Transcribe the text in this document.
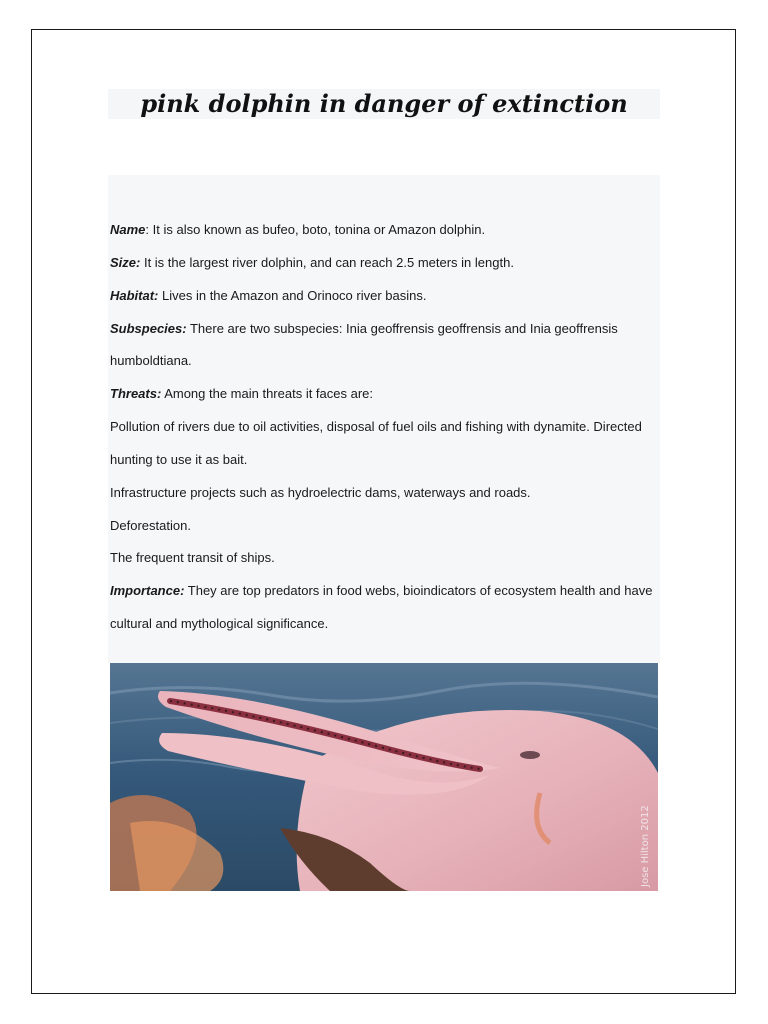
pink dolphin in danger of extinction
Name: It is also known as bufeo, boto, tonina or Amazon dolphin.
Size: It is the largest river dolphin, and can reach 2.5 meters in length.
Habitat: Lives in the Amazon and Orinoco river basins.
Subspecies: There are two subspecies: Inia geoffrensis geoffrensis and Inia geoffrensis
humboldtiana.
Threats: Among the main threats it faces are:
Pollution of rivers due to oil activities, disposal of fuel oils and fishing with dynamite. Directed
hunting to use it as bait.
Infrastructure projects such as hydroelectric dams, waterways and roads.
Deforestation.
The frequent transit of ships.
Importance: They are top predators in food webs, bioindicators of ecosystem health and have
cultural and mythological significance.
Jose Hilton 2012
